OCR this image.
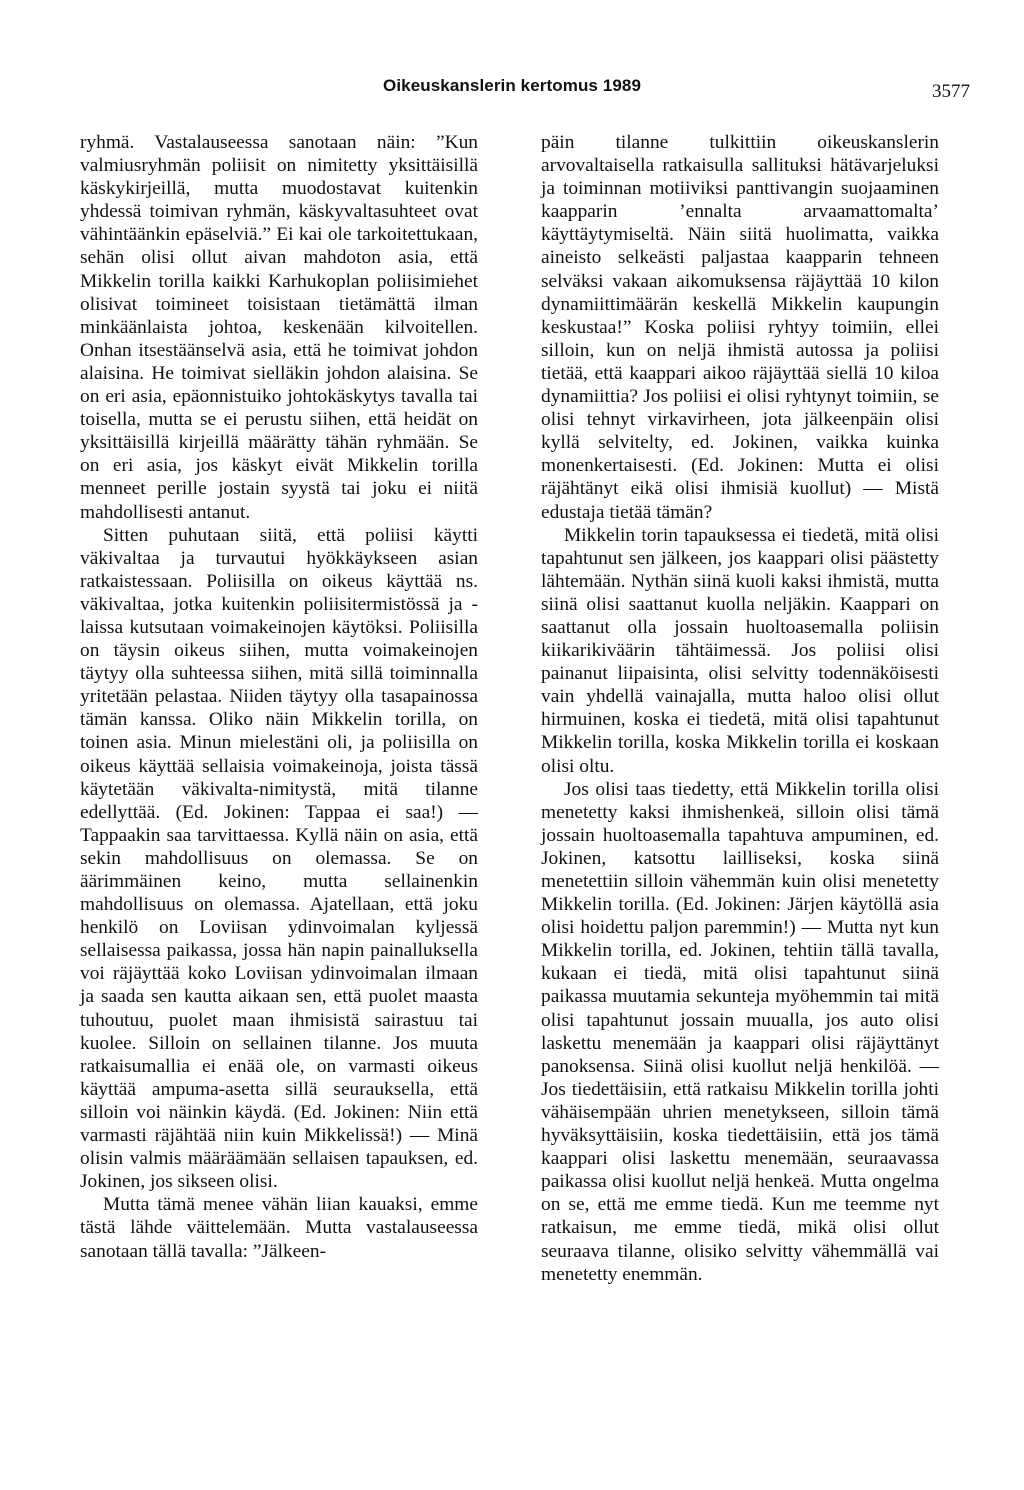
Oikeuskanslerin kertomus 1989	3577

ryhmä. Vastalauseessa sanotaan näin: ”Kun valmiusryhmän poliisit on nimitetty yksittäisillä käskykirjeillä, mutta muodostavat kuitenkin yhdessä toimivan ryhmän, käskyvaltasuhteet ovat vähintäänkin epäselviä.” Ei kai ole tarkoitettukaan, sehän olisi ollut aivan mahdoton asia, että Mikkelin torilla kaikki Karhukoplan poliisimiehet olisivat toimineet toisistaan tietämättä ilman minkäänlaista johtoa, keskenään kilvoitellen. Onhan itsestäänselvä asia, että he toimivat johdon alaisina. He toimivat sielläkin johdon alaisina. Se on eri asia, epäonnistuiko johtokäskytys tavalla tai toisella, mutta se ei perustu siihen, että heidät on yksittäisillä kirjeillä määrätty tähän ryhmään. Se on eri asia, jos käskyt eivät Mikkelin torilla menneet perille jostain syystä tai joku ei niitä mahdollisesti antanut.

Sitten puhutaan siitä, että poliisi käytti väkivaltaa ja turvautui hyökkäykseen asian ratkaistessaan. Poliisilla on oikeus käyttää ns. väkivaltaa, jotka kuitenkin poliisitermistössä ja -laissa kutsutaan voimakeinojen käytöksi. Poliisilla on täysin oikeus siihen, mutta voimakeinojen täytyy olla suhteessa siihen, mitä sillä toiminnalla yritetään pelastaa. Niiden täytyy olla tasapainossa tämän kanssa. Oliko näin Mikkelin torilla, on toinen asia. Minun mielestäni oli, ja poliisilla on oikeus käyttää sellaisia voimakeinoja, joista tässä käytetään väkivalta-nimitystä, mitä tilanne edellyttää. (Ed. Jokinen: Tappaa ei saa!) —Tappaakin saa tarvittaessa. Kyllä näin on asia, että sekin mahdollisuus on olemassa. Se on äärimmäinen keino, mutta sellainenkin mahdollisuus on olemassa. Ajatellaan, että joku henkilö on Loviisan ydinvoimalan kyljessä sellaisessa paikassa, jossa hän napin painalluksella voi räjäyttää koko Loviisan ydinvoimalan ilmaan ja saada sen kautta aikaan sen, että puolet maasta tuhoutuu, puolet maan ihmisistä sairastuu tai kuolee. Silloin on sellainen tilanne. Jos muuta ratkaisumallia ei enää ole, on varmasti oikeus käyttää ampuma-asetta sillä seurauksella, että silloin voi näinkin käydä. (Ed. Jokinen: Niin että varmasti räjähtää niin kuin Mikkelissä!) — Minä olisin valmis määräämään sellaisen tapauksen, ed. Jokinen, jos sikseen olisi.

Mutta tämä menee vähän liian kauaksi, emme tästä lähde väittelemään. Mutta vastalauseessa sanotaan tällä tavalla: ”Jälkeen-

päin tilanne tulkittiin oikeuskanslerin arvovaltaisella ratkaisulla sallituksi hätävarjeluksi ja toiminnan motiiviksi panttivangin suojaaminen kaapparin ’ennalta arvaamattomalta’ käyttäytymiseltä. Näin siitä huolimatta, vaikka aineisto selkeästi paljastaa kaapparin tehneen selväksi vakaan aikomuksensa räjäyttää 10 kilon dynamiittimäärän keskellä Mikkelin kaupungin keskustaa!” Koska poliisi ryhtyy toimiin, ellei silloin, kun on neljä ihmistä autossa ja poliisi tietää, että kaappari aikoo räjäyttää siellä 10 kiloa dynamiittia? Jos poliisi ei olisi ryhtynyt toimiin, se olisi tehnyt virkavirheen, jota jälkeenpäin olisi kyllä selvitelty, ed. Jokinen, vaikka kuinka monenkertaisesti. (Ed. Jokinen: Mutta ei olisi räjähtänyt eikä olisi ihmisiä kuollut) — Mistä edustaja tietää tämän?

Mikkelin torin tapauksessa ei tiedetä, mitä olisi tapahtunut sen jälkeen, jos kaappari olisi päästetty lähtemään. Nythän siinä kuoli kaksi ihmistä, mutta siinä olisi saattanut kuolla neljäkin. Kaappari on saattanut olla jossain huoltoasemalla poliisin kiikarikiväärin tähtäimessä. Jos poliisi olisi painanut liipaisinta, olisi selvitty todennäköisesti vain yhdellä vainajalla, mutta haloo olisi ollut hirmuinen, koska ei tiedetä, mitä olisi tapahtunut Mikkelin torilla, koska Mikkelin torilla ei koskaan olisi oltu.

Jos olisi taas tiedetty, että Mikkelin torilla olisi menetetty kaksi ihmishenkeä, silloin olisi tämä jossain huoltoasemalla tapahtuva ampuminen, ed. Jokinen, katsottu lailliseksi, koska siinä menetettiin silloin vähemmän kuin olisi menetetty Mikkelin torilla. (Ed. Jokinen: Järjen käytöllä asia olisi hoidettu paljon paremmin!) — Mutta nyt kun Mikkelin torilla, ed. Jokinen, tehtiin tällä tavalla, kukaan ei tiedä, mitä olisi tapahtunut siinä paikassa muutamia sekunteja myöhemmin tai mitä olisi tapahtunut jossain muualla, jos auto olisi laskettu menemään ja kaappari olisi räjäyttänyt panoksensa. Siinä olisi kuollut neljä henkilöä. — Jos tiedettäisiin, että ratkaisu Mikkelin torilla johti vähäisempään uhrien menetykseen, silloin tämä hyväksyttäisiin, koska tiedettäisiin, että jos tämä kaappari olisi laskettu menemään, seuraavassa paikassa olisi kuollut neljä henkeä. Mutta ongelma on se, että me emme tiedä. Kun me teemme nyt ratkaisun, me emme tiedä, mikä olisi ollut seuraava tilanne, olisiko selvitty vähemmällä vai menetetty enemmän.
